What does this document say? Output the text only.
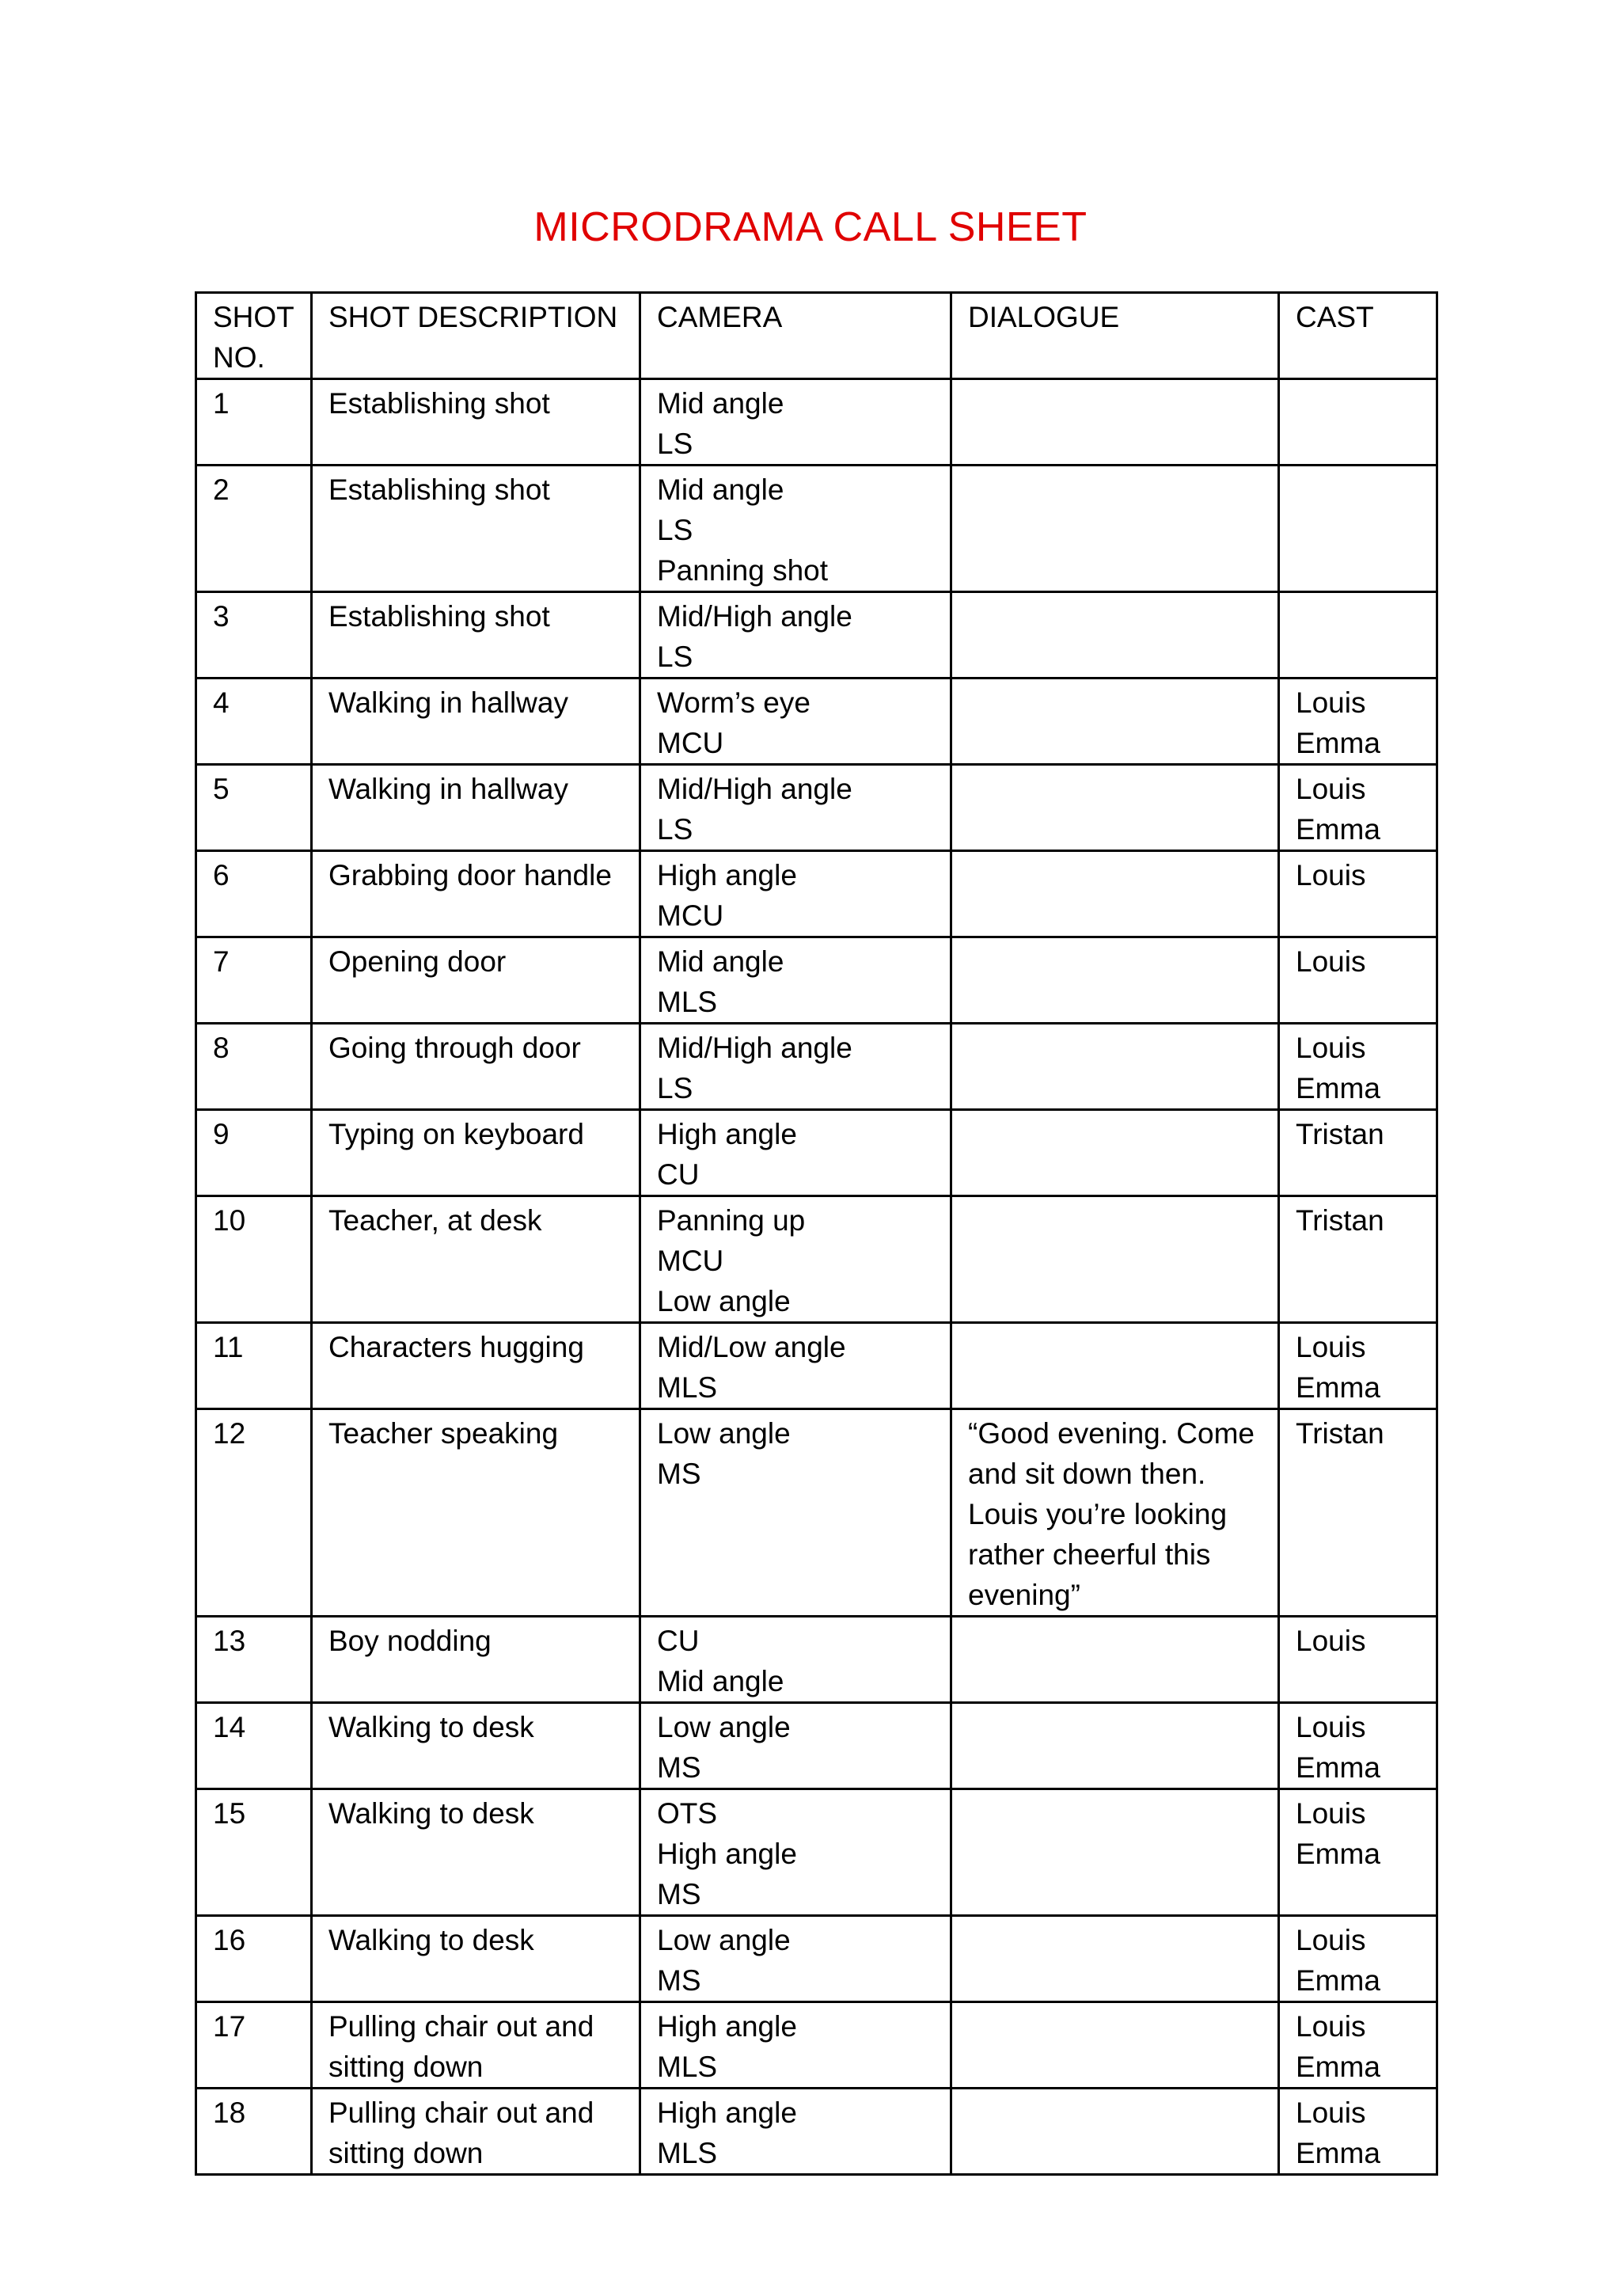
MICRODRAMA CALL SHEET
SHOT
NO.	SHOT DESCRIPTION	CAMERA	DIALOGUE	CAST

1	Establishing shot	Mid angle
LS		

2	Establishing shot	Mid angle
LS
Panning shot		

3	Establishing shot	Mid/High angle
LS		

4	Walking in hallway	Worm’s eye
MCU		Louis
Emma

5	Walking in hallway	Mid/High angle
LS		Louis
Emma

6	Grabbing door handle	High angle
MCU		Louis

7	Opening door	Mid angle
MLS		Louis

8	Going through door	Mid/High angle
LS		Louis
Emma

9	Typing on keyboard	High angle
CU		Tristan

10	Teacher, at desk	Panning up
MCU
Low angle		Tristan

11	Characters hugging	Mid/Low angle
MLS		Louis
Emma

12	Teacher speaking	Low angle
MS	“Good evening. Come
and sit down then.
Louis you’re looking
rather cheerful this
evening”	Tristan

13	Boy nodding	CU
Mid angle		Louis

14	Walking to desk	Low angle
MS		Louis
Emma

15	Walking to desk	OTS
High angle
MS		Louis
Emma

16	Walking to desk	Low angle
MS		Louis
Emma

17	Pulling chair out and
sitting down	High angle
MLS		Louis
Emma

18	Pulling chair out and
sitting down	High angle
MLS		Louis
Emma
